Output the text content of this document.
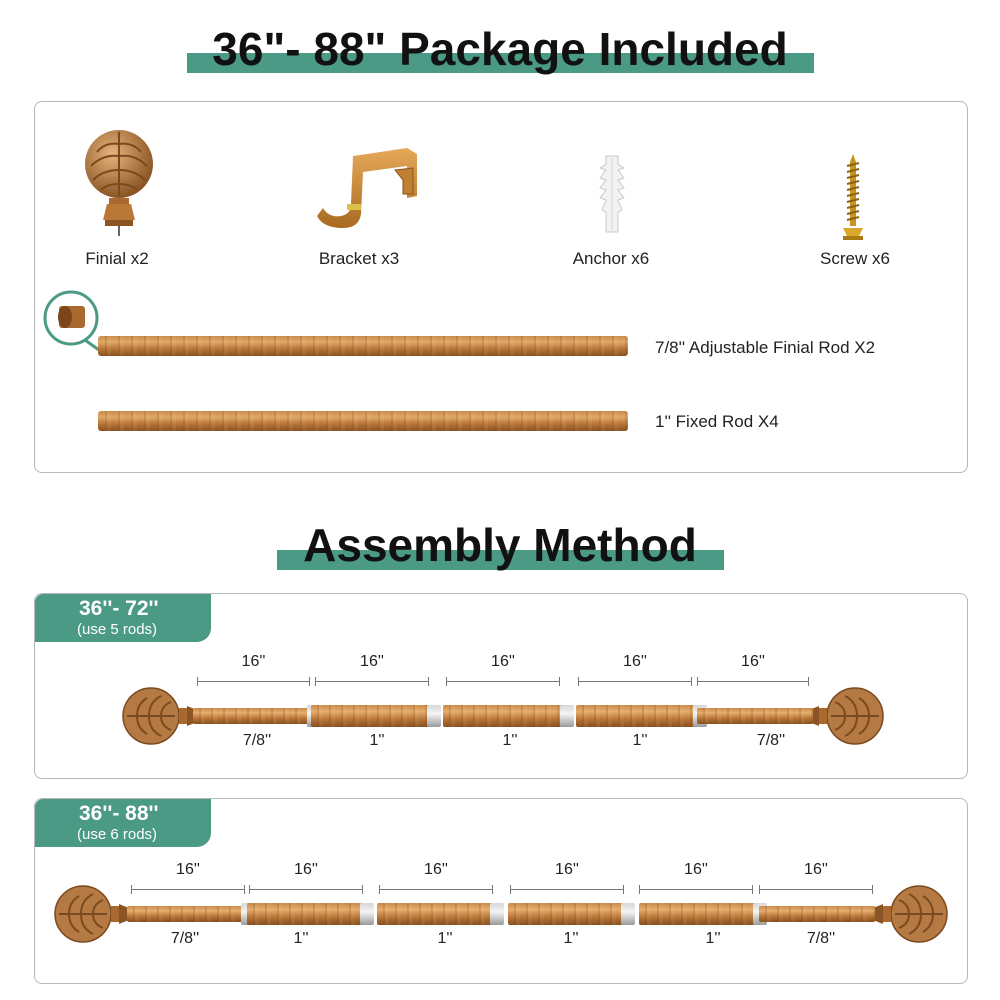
36"- 88" Package Included
Finial x2	Bracket x3	Anchor x6	Screw x6
7/8'' Adjustable Finial Rod X2
1'' Fixed Rod X4
Assembly Method
36''- 72''
(use 5 rods)
16''
7/8''
16''
1''
16''
1''
16''
1''
16''
7/8''
36''- 88''
(use 6 rods)
16''
7/8''
16''
1''
16''
1''
16''
1''
16''
1''
16''
7/8''
